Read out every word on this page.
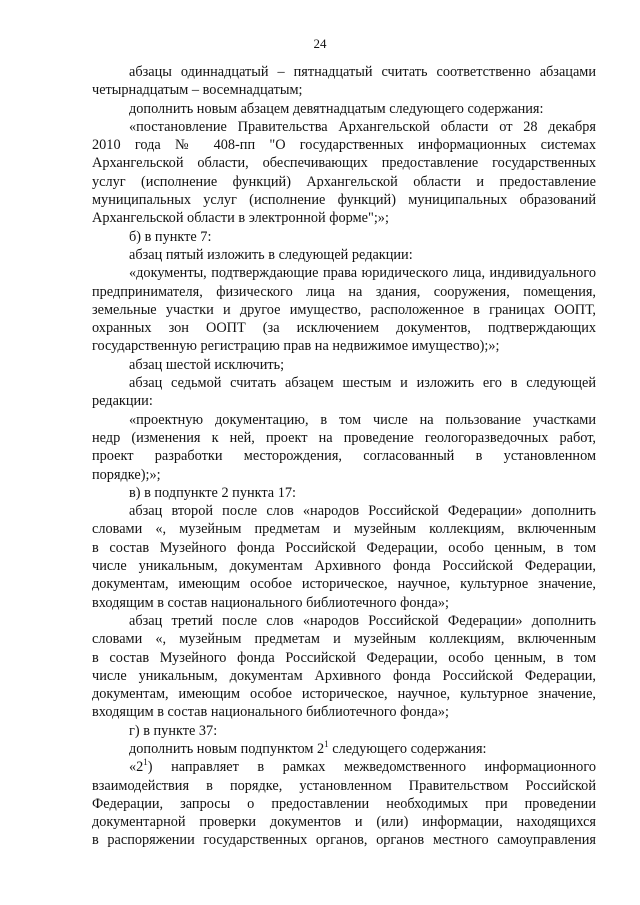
24
абзацы одиннадцатый – пятнадцатый считать соответственно абзацами
четырнадцатым – восемнадцатым;
дополнить новым абзацем девятнадцатым следующего содержания:
«постановление Правительства Архангельской области от 28 декабря
2010 года № 408-пп "О государственных информационных системах
Архангельской области, обеспечивающих предоставление государственных
услуг (исполнение функций) Архангельской области и предоставление
муниципальных услуг (исполнение функций) муниципальных образований
Архангельской области в электронной форме";»;
б) в пункте 7:
абзац пятый изложить в следующей редакции:
«документы, подтверждающие права юридического лица, индивидуального
предпринимателя, физического лица на здания, сооружения, помещения,
земельные участки и другое имущество, расположенное в границах ООПТ,
охранных зон ООПТ (за исключением документов, подтверждающих
государственную регистрацию прав на недвижимое имущество);»;
абзац шестой исключить;
абзац седьмой считать абзацем шестым и изложить его в следующей
редакции:
«проектную документацию, в том числе на пользование участками
недр (изменения к ней, проект на проведение геологоразведочных работ,
проект разработки месторождения, согласованный в установленном
порядке);»;
в) в подпункте 2 пункта 17:
абзац второй после слов «народов Российской Федерации» дополнить
словами «, музейным предметам и музейным коллекциям, включенным
в состав Музейного фонда Российской Федерации, особо ценным, в том
числе уникальным, документам Архивного фонда Российской Федерации,
документам, имеющим особое историческое, научное, культурное значение,
входящим в состав национального библиотечного фонда»;
абзац третий после слов «народов Российской Федерации» дополнить
словами «, музейным предметам и музейным коллекциям, включенным
в состав Музейного фонда Российской Федерации, особо ценным, в том
числе уникальным, документам Архивного фонда Российской Федерации,
документам, имеющим особое историческое, научное, культурное значение,
входящим в состав национального библиотечного фонда»;
г) в пункте 37:
дополнить новым подпунктом $2^1$ следующего содержания:
«$2^1$) направляет в рамках межведомственного информационного
взаимодействия в порядке, установленном Правительством Российской
Федерации, запросы о предоставлении необходимых при проведении
документарной проверки документов и (или) информации, находящихся
в распоряжении государственных органов, органов местного самоуправления
